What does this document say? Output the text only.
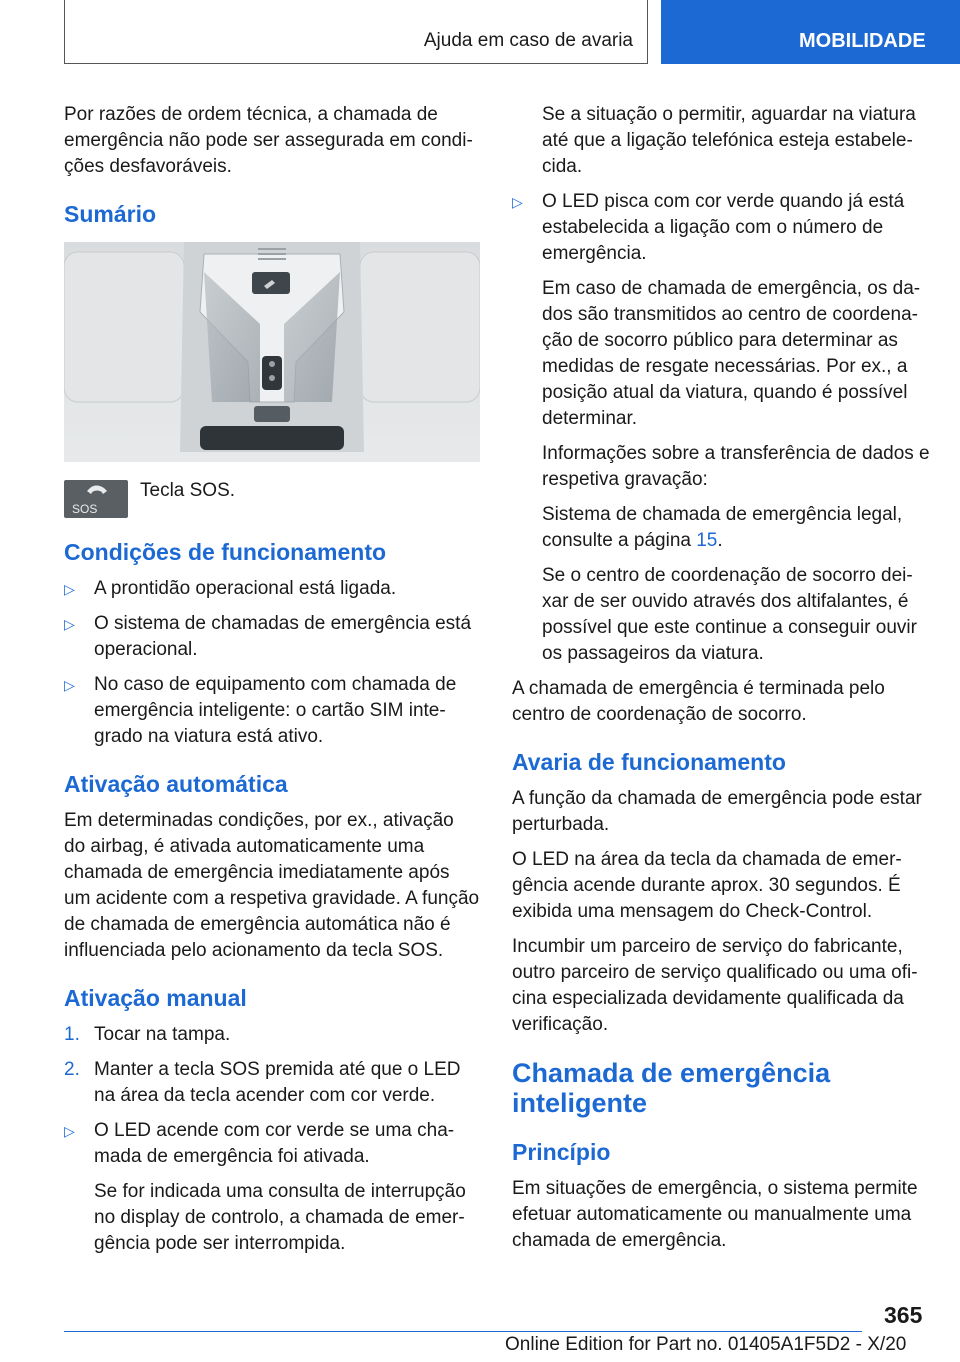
Ajuda em caso de avaria	MOBILIDADE

Por razões de ordem técnica, a chamada de emergência não pode ser assegurada em condições desfavoráveis.

Sumário
SOS

Tecla SOS.

Condições de funcionamento
▷ A prontidão operacional está ligada.
▷ O sistema de chamadas de emergência está operacional.
▷ No caso de equipamento com chamada de emergência inteligente: o cartão SIM integrado na viatura está ativo.
Ativação automática

Em determinadas condições, por ex., ativação do airbag, é ativada automaticamente uma chamada de emergência imediatamente após um acidente com a respetiva gravidade. A função de chamada de emergência automática não é influenciada pelo acionamento da tecla SOS.

Ativação manual
1. Tocar na tampa.
2. Manter a tecla SOS premida até que o LED na área da tecla acender com cor verde.
▷ O LED acende com cor verde se uma chamada de emergência foi ativada.

Se for indicada uma consulta de interrupção no display de controlo, a chamada de emergência pode ser interrompida.

Se a situação o permitir, aguardar na viatura até que a ligação telefónica esteja estabelecida.

▷ O LED pisca com cor verde quando já está estabelecida a ligação com o número de emergência.

Em caso de chamada de emergência, os dados são transmitidos ao centro de coordenação de socorro público para determinar as medidas de resgate necessárias. Por ex., a posição atual da viatura, quando é possível determinar.

Informações sobre a transferência de dados e respetiva gravação:

Sistema de chamada de emergência legal, consulte a página 15.

Se o centro de coordenação de socorro deixar de ser ouvido através dos altifalantes, é possível que este continue a conseguir ouvir os passageiros da viatura.

A chamada de emergência é terminada pelo centro de coordenação de socorro.

Avaria de funcionamento

A função da chamada de emergência pode estar perturbada.

O LED na área da tecla da chamada de emergência acende durante aprox. 30 segundos. É exibida uma mensagem do Check-Control.

Incumbir um parceiro de serviço do fabricante, outro parceiro de serviço qualificado ou uma oficina especializada devidamente qualificada da verificação.

Chamada de emergência inteligente
Princípio

Em situações de emergência, o sistema permite efetuar automaticamente ou manualmente uma chamada de emergência.

365
Online Edition for Part no. 01405A1F5D2 - X/20
